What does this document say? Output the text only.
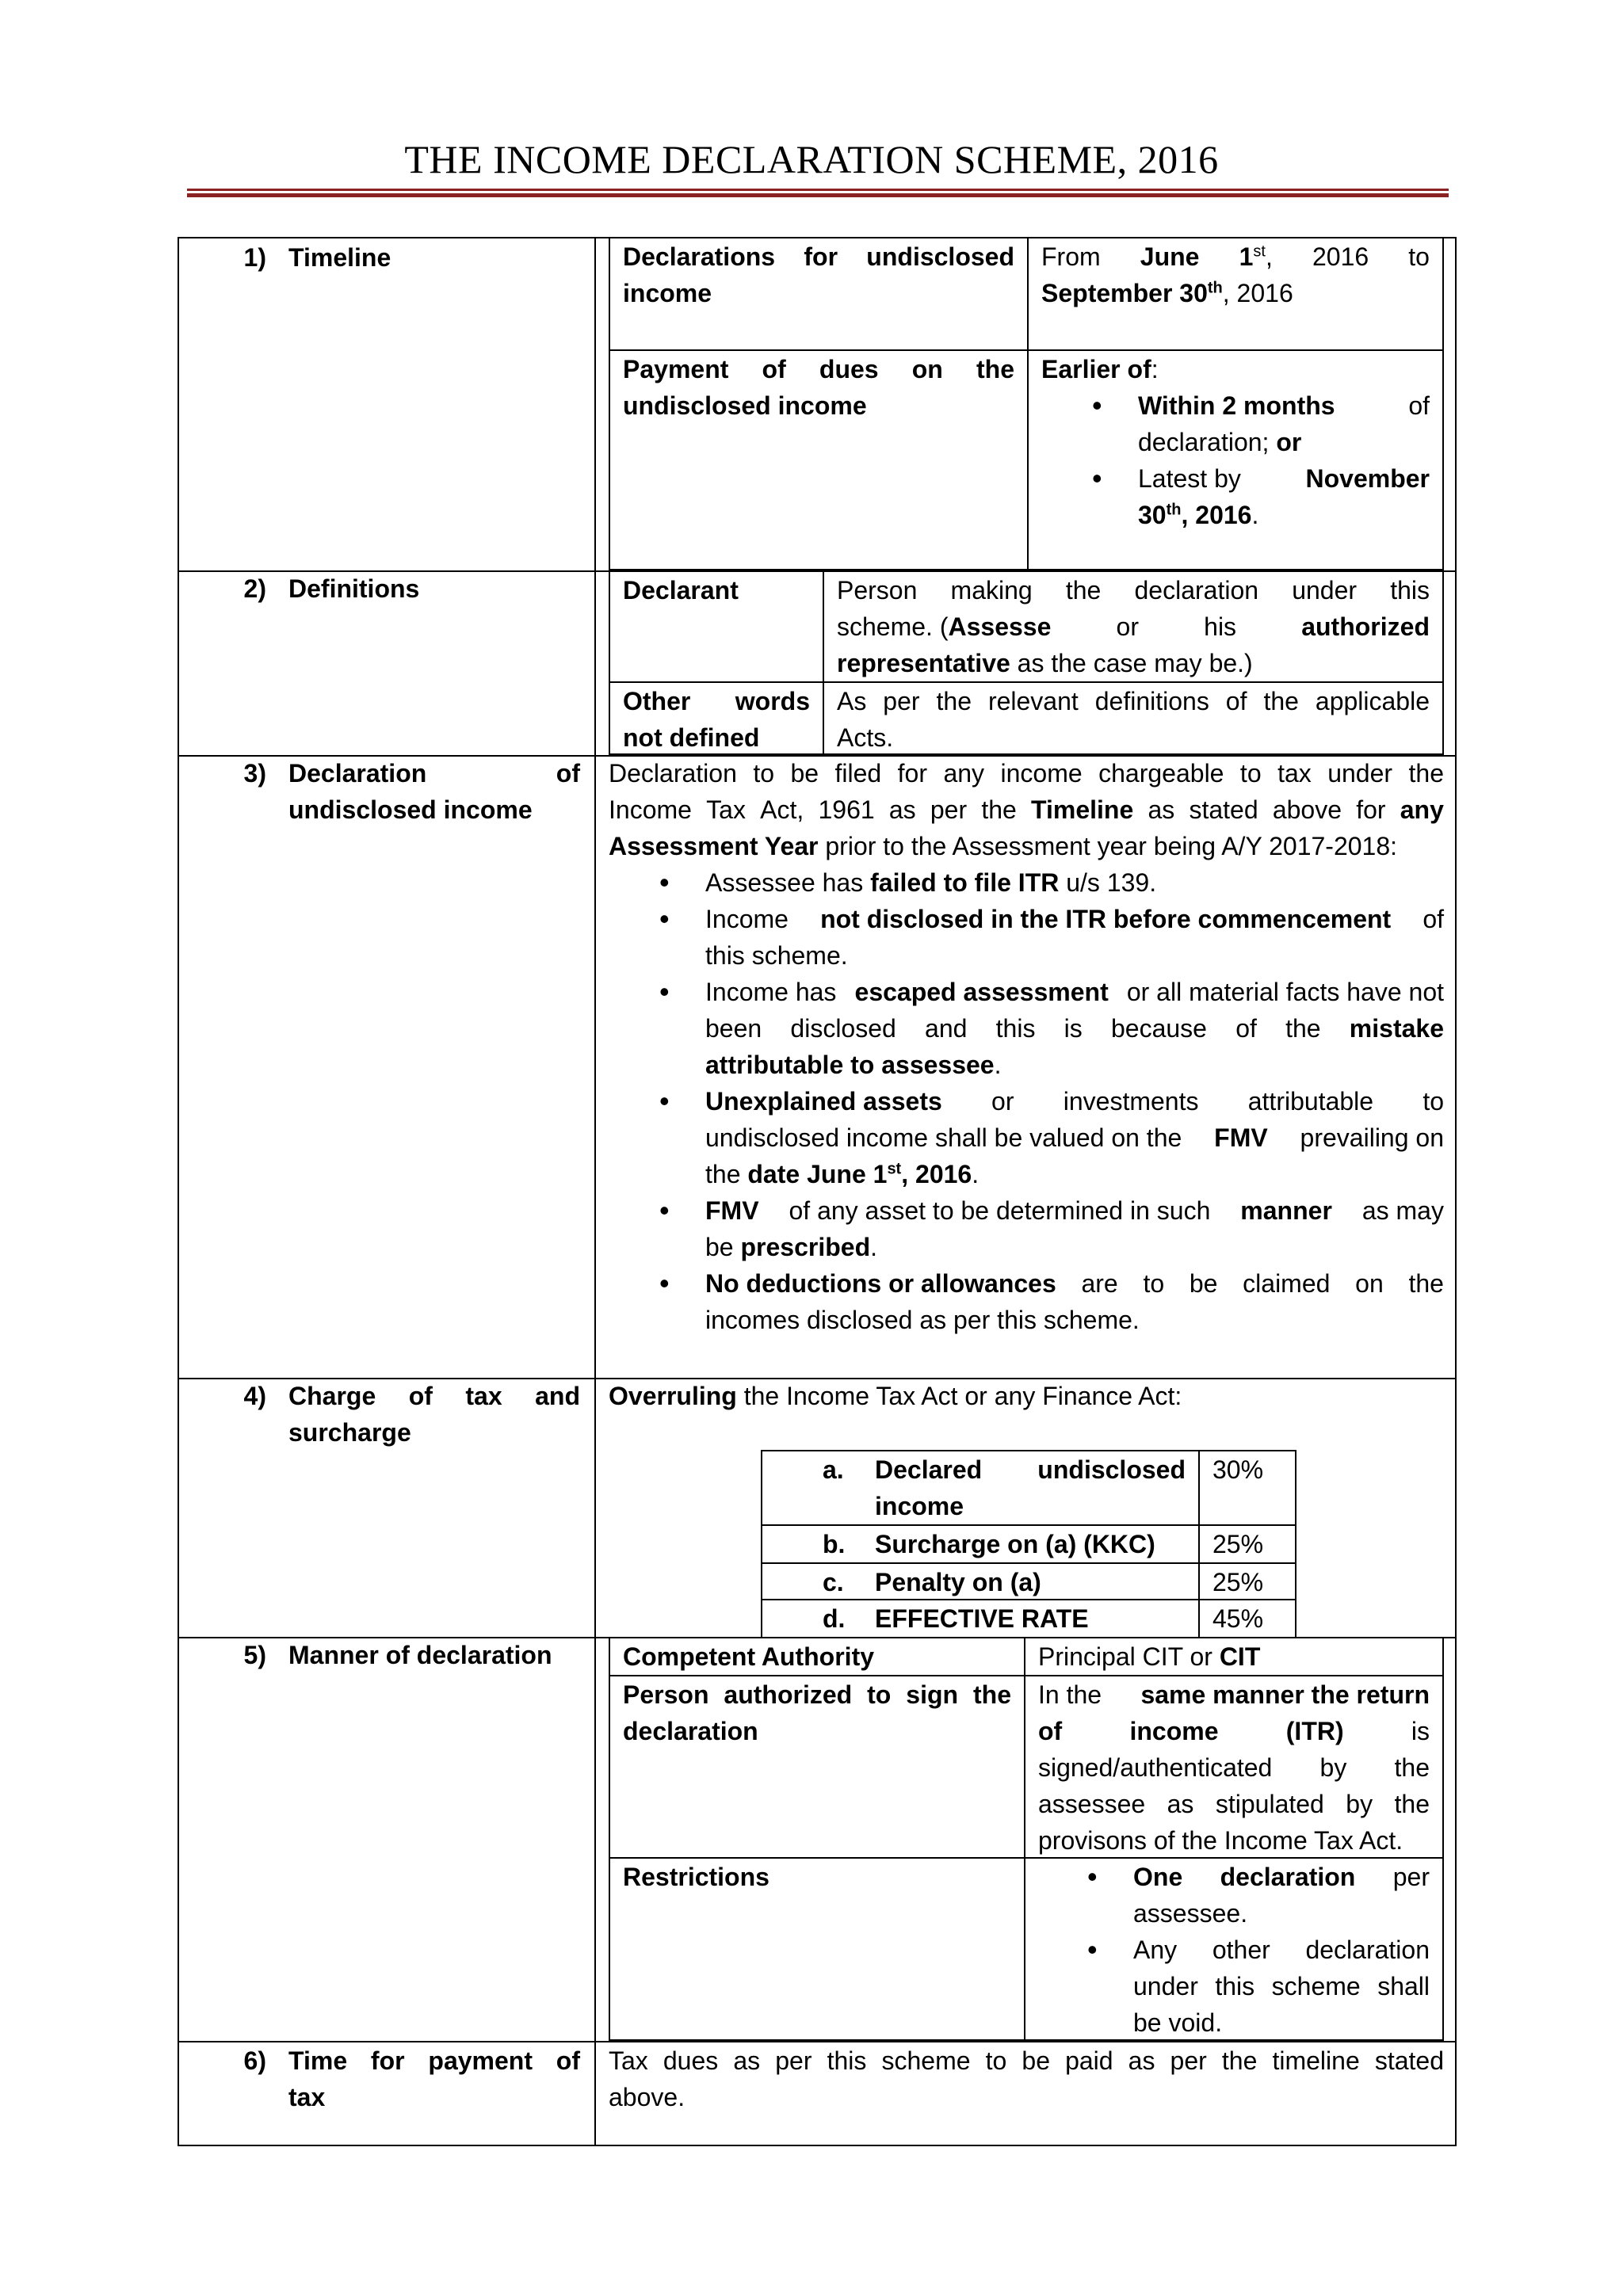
THE INCOME DECLARATION SCHEME, 2016
1) Timeline	Declarations for undisclosed
income
From June 1st, 2016 to
September 30th, 2016
Payment of dues on the
undisclosed income
Earlier of:
• Within 2 months	of
declaration; or
• Latest by	November
30th, 2016.
2) Definitions	Declarant	Person making the declaration under this
scheme. (Assesse	or	his	authorized
representative as the case may be.)
Other words
not defined
As per the relevant definitions of the applicable
Acts.
3) Declaration	of
undisclosed income
Declaration to be filed for any income chargeable to tax under the
Income Tax Act, 1961 as per the Timeline as stated above for any
Assessment Year prior to the Assessment year being A/Y 2017-2018:
• Assessee has failed to file ITR u/s 139.
• Income not disclosed in the ITR before commencement of
this scheme.
• Income has escaped assessment or all material facts have not
been disclosed and this is because of the mistake
attributable to assessee.
• Unexplained assets or investments attributable to
undisclosed income shall be valued on the FMV prevailing on
the date June 1st, 2016.
• FMV of any asset to be determined in such manner as may
be prescribed.
• No deductions or allowances are to be claimed on the
incomes disclosed as per this scheme.
4) Charge of tax and
surcharge
Overruling the Income Tax Act or any Finance Act:
a. Declared undisclosed
income
30%
b. Surcharge on (a) (KKC)	25%
c. Penalty on (a)	25%
d. EFFECTIVE RATE	45%
5) Manner of declaration	Competent Authority	Principal CIT or CIT
Person authorized to sign the
declaration
In the same manner the return
of	income	(ITR)	is
signed/authenticated by the
assessee as stipulated by the
provisons of the Income Tax Act.
Restrictions
•	One declaration per
assessee.
• Any other declaration
under this scheme shall
be void.
6) Time for payment of
tax
Tax dues as per this scheme to be paid as per the timeline stated
above.
